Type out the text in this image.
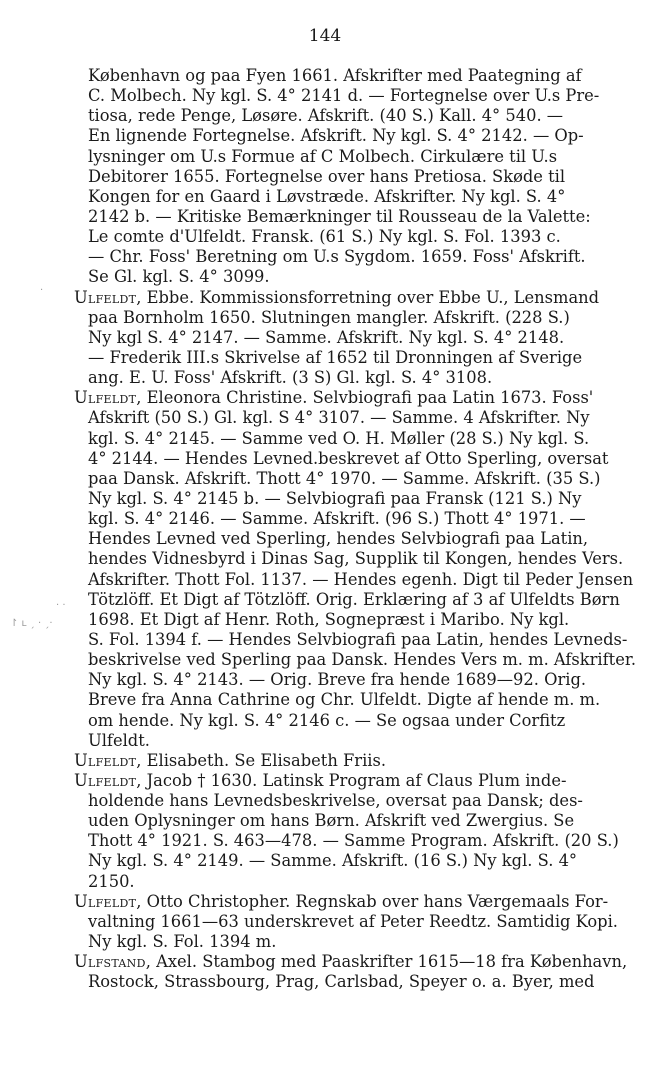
144
.
· ·
↾ ʟ ˏ · ˏ·
København og paa Fyen 1661. Afskrifter med Paategning af
C. Molbech. Ny kgl. S. 4° 2141 d. — Fortegnelse over U.s Pre-
tiosa, rede Penge, Løsøre. Afskrift. (40 S.) Kall. 4° 540. —
En lignende Fortegnelse. Afskrift. Ny kgl. S. 4° 2142. — Op-
lysninger om U.s Formue af C Molbech. Cirkulære til U.s
Debitorer 1655. Fortegnelse over hans Pretiosa. Skøde til
Kongen for en Gaard i Løvstræde. Afskrifter. Ny kgl. S. 4°
2142 b. — Kritiske Bemærkninger til Rousseau de la Valette:
Le comte d'Ulfeldt. Fransk. (61 S.) Ny kgl. S. Fol. 1393 c.
— Chr. Foss' Beretning om U.s Sygdom. 1659. Foss' Afskrift.
Se Gl. kgl. S. 4° 3099.
Ulfeldt, Ebbe. Kommissionsforretning over Ebbe U., Lensmand
paa Bornholm 1650. Slutningen mangler. Afskrift. (228 S.)
Ny kgl S. 4° 2147. — Samme. Afskrift. Ny kgl. S. 4° 2148.
— Frederik III.s Skrivelse af 1652 til Dronningen af Sverige
ang. E. U. Foss' Afskrift. (3 S) Gl. kgl. S. 4° 3108.
Ulfeldt, Eleonora Christine. Selvbiografi paa Latin 1673. Foss'
Afskrift (50 S.) Gl. kgl. S 4° 3107. — Samme. 4 Afskrifter. Ny
kgl. S. 4° 2145. — Samme ved O. H. Møller (28 S.) Ny kgl. S.
4° 2144. — Hendes Levned.beskrevet af Otto Sperling, oversat
paa Dansk. Afskrift. Thott 4° 1970. — Samme. Afskrift. (35 S.)
Ny kgl. S. 4° 2145 b. — Selvbiografi paa Fransk (121 S.) Ny
kgl. S. 4° 2146. — Samme. Afskrift. (96 S.) Thott 4° 1971. —
Hendes Levned ved Sperling, hendes Selvbiografi paa Latin,
hendes Vidnesbyrd i Dinas Sag, Supplik til Kongen, hendes Vers.
Afskrifter. Thott Fol. 1137. — Hendes egenh. Digt til Peder Jensen
Tötzlöff. Et Digt af Tötzlöff. Orig. Erklæring af 3 af Ulfeldts Børn
1698. Et Digt af Henr. Roth, Sognepræst i Maribo. Ny kgl.
S. Fol. 1394 f. — Hendes Selvbiografi paa Latin, hendes Levneds-
beskrivelse ved Sperling paa Dansk. Hendes Vers m. m. Afskrifter.
Ny kgl. S. 4° 2143. — Orig. Breve fra hende 1689—92. Orig.
Breve fra Anna Cathrine og Chr. Ulfeldt. Digte af hende m. m.
om hende. Ny kgl. S. 4° 2146 c. — Se ogsaa under Corfitz
Ulfeldt.
Ulfeldt, Elisabeth. Se Elisabeth Friis.
Ulfeldt, Jacob † 1630. Latinsk Program af Claus Plum inde-
holdende hans Levnedsbeskrivelse, oversat paa Dansk; des-
uden Oplysninger om hans Børn. Afskrift ved Zwergius. Se
Thott 4° 1921. S. 463—478. — Samme Program. Afskrift. (20 S.)
Ny kgl. S. 4° 2149. — Samme. Afskrift. (16 S.) Ny kgl. S. 4°
2150.
Ulfeldt, Otto Christopher. Regnskab over hans Værgemaals For-
valtning 1661—63 underskrevet af Peter Reedtz. Samtidig Kopi.
Ny kgl. S. Fol. 1394 m.
Ulfstand, Axel. Stambog med Paaskrifter 1615—18 fra København,
Rostock, Strassbourg, Prag, Carlsbad, Speyer o. a. Byer, med
